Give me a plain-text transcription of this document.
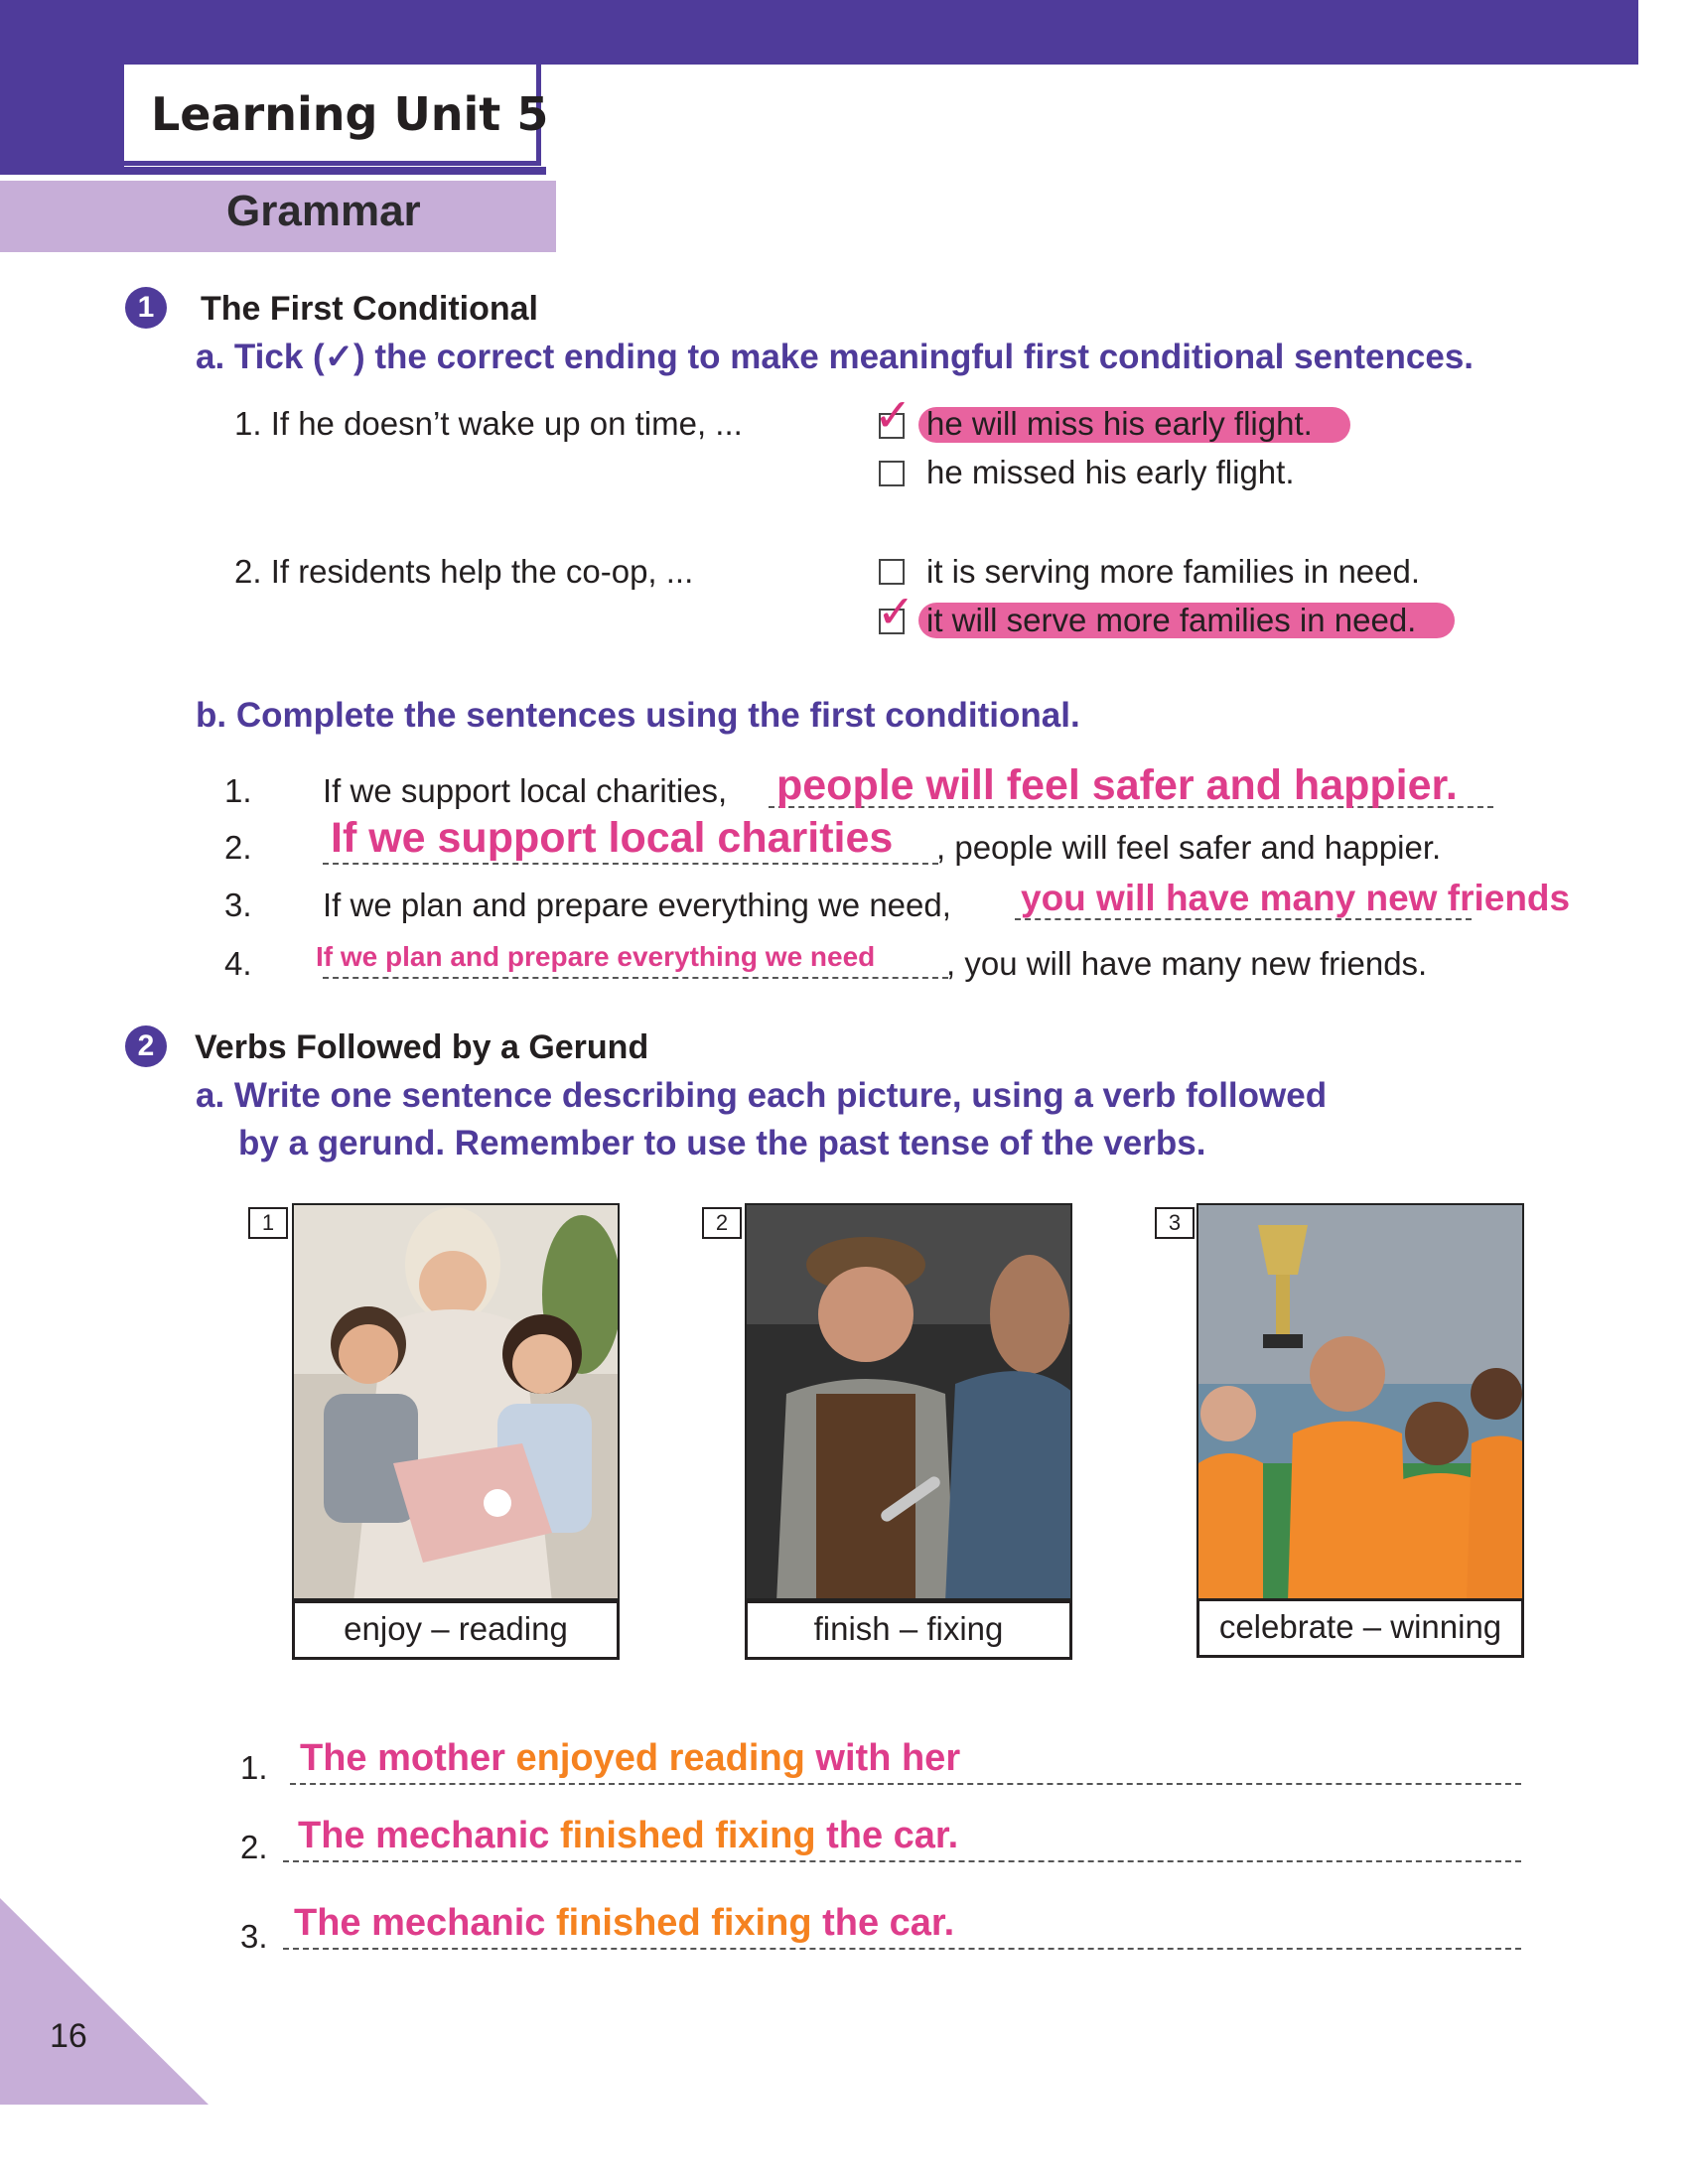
Learning Unit 5
Grammar
1	The First Conditional
a. Tick (✓) the correct ending to make meaningful first conditional sentences.
1. If he doesn’t wake up on time, ...	✓ he will miss his early flight.
he missed his early flight.
2. If residents help the co-op, ...	it is serving more families in need.
✓ it will serve more families in need.
b. Complete the sentences using the first conditional.
1. If we support local charities, people will feel safer and happier.
2. If we support local charities , people will feel safer and happier.
3. If we plan and prepare everything we need, you will have many new friends
4. If we plan and prepare everything we need , you will have many new friends.
2	Verbs Followed by a Gerund
a. Write one sentence describing each picture, using a verb followed
by a gerund. Remember to use the past tense of the verbs.
1
enjoy – reading
2
finish – fixing
3
celebrate – winning
1. The mother enjoyed reading with her
2. The mechanic finished fixing the car.
3. The mechanic finished fixing the car.
16
